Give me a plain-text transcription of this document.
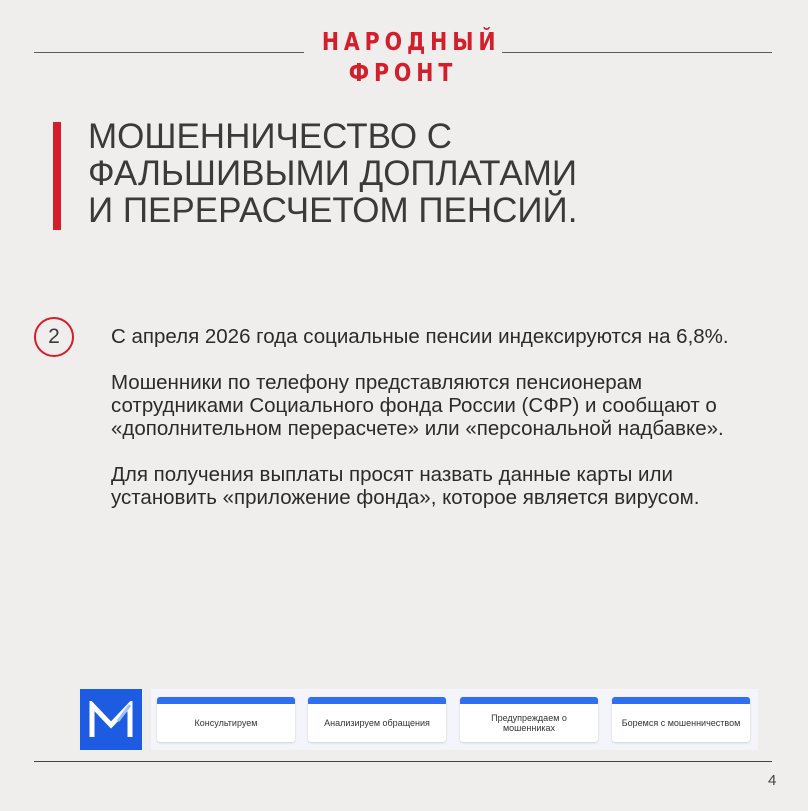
НАРОДНЫЙ
ФРОНТ
МОШЕННИЧЕСТВО С
ФАЛЬШИВЫМИ ДОПЛАТАМИ
И ПЕРЕРАСЧЕТОМ ПЕНСИЙ.
2	С апреля 2026 года социальные пенсии индексируются на 6,8%.

Мошенники по телефону представляются пенсионерам сотрудниками Социального фонда России (СФР) и сообщают о «дополнительном перерасчете» или «персональной надбавке».

Для получения выплаты просят назвать данные карты или установить «приложение фонда», которое является вирусом.

Консультируем	Анализируем обращения	Предупреждаем о мошенниках	Боремся с мошенничеством
4
